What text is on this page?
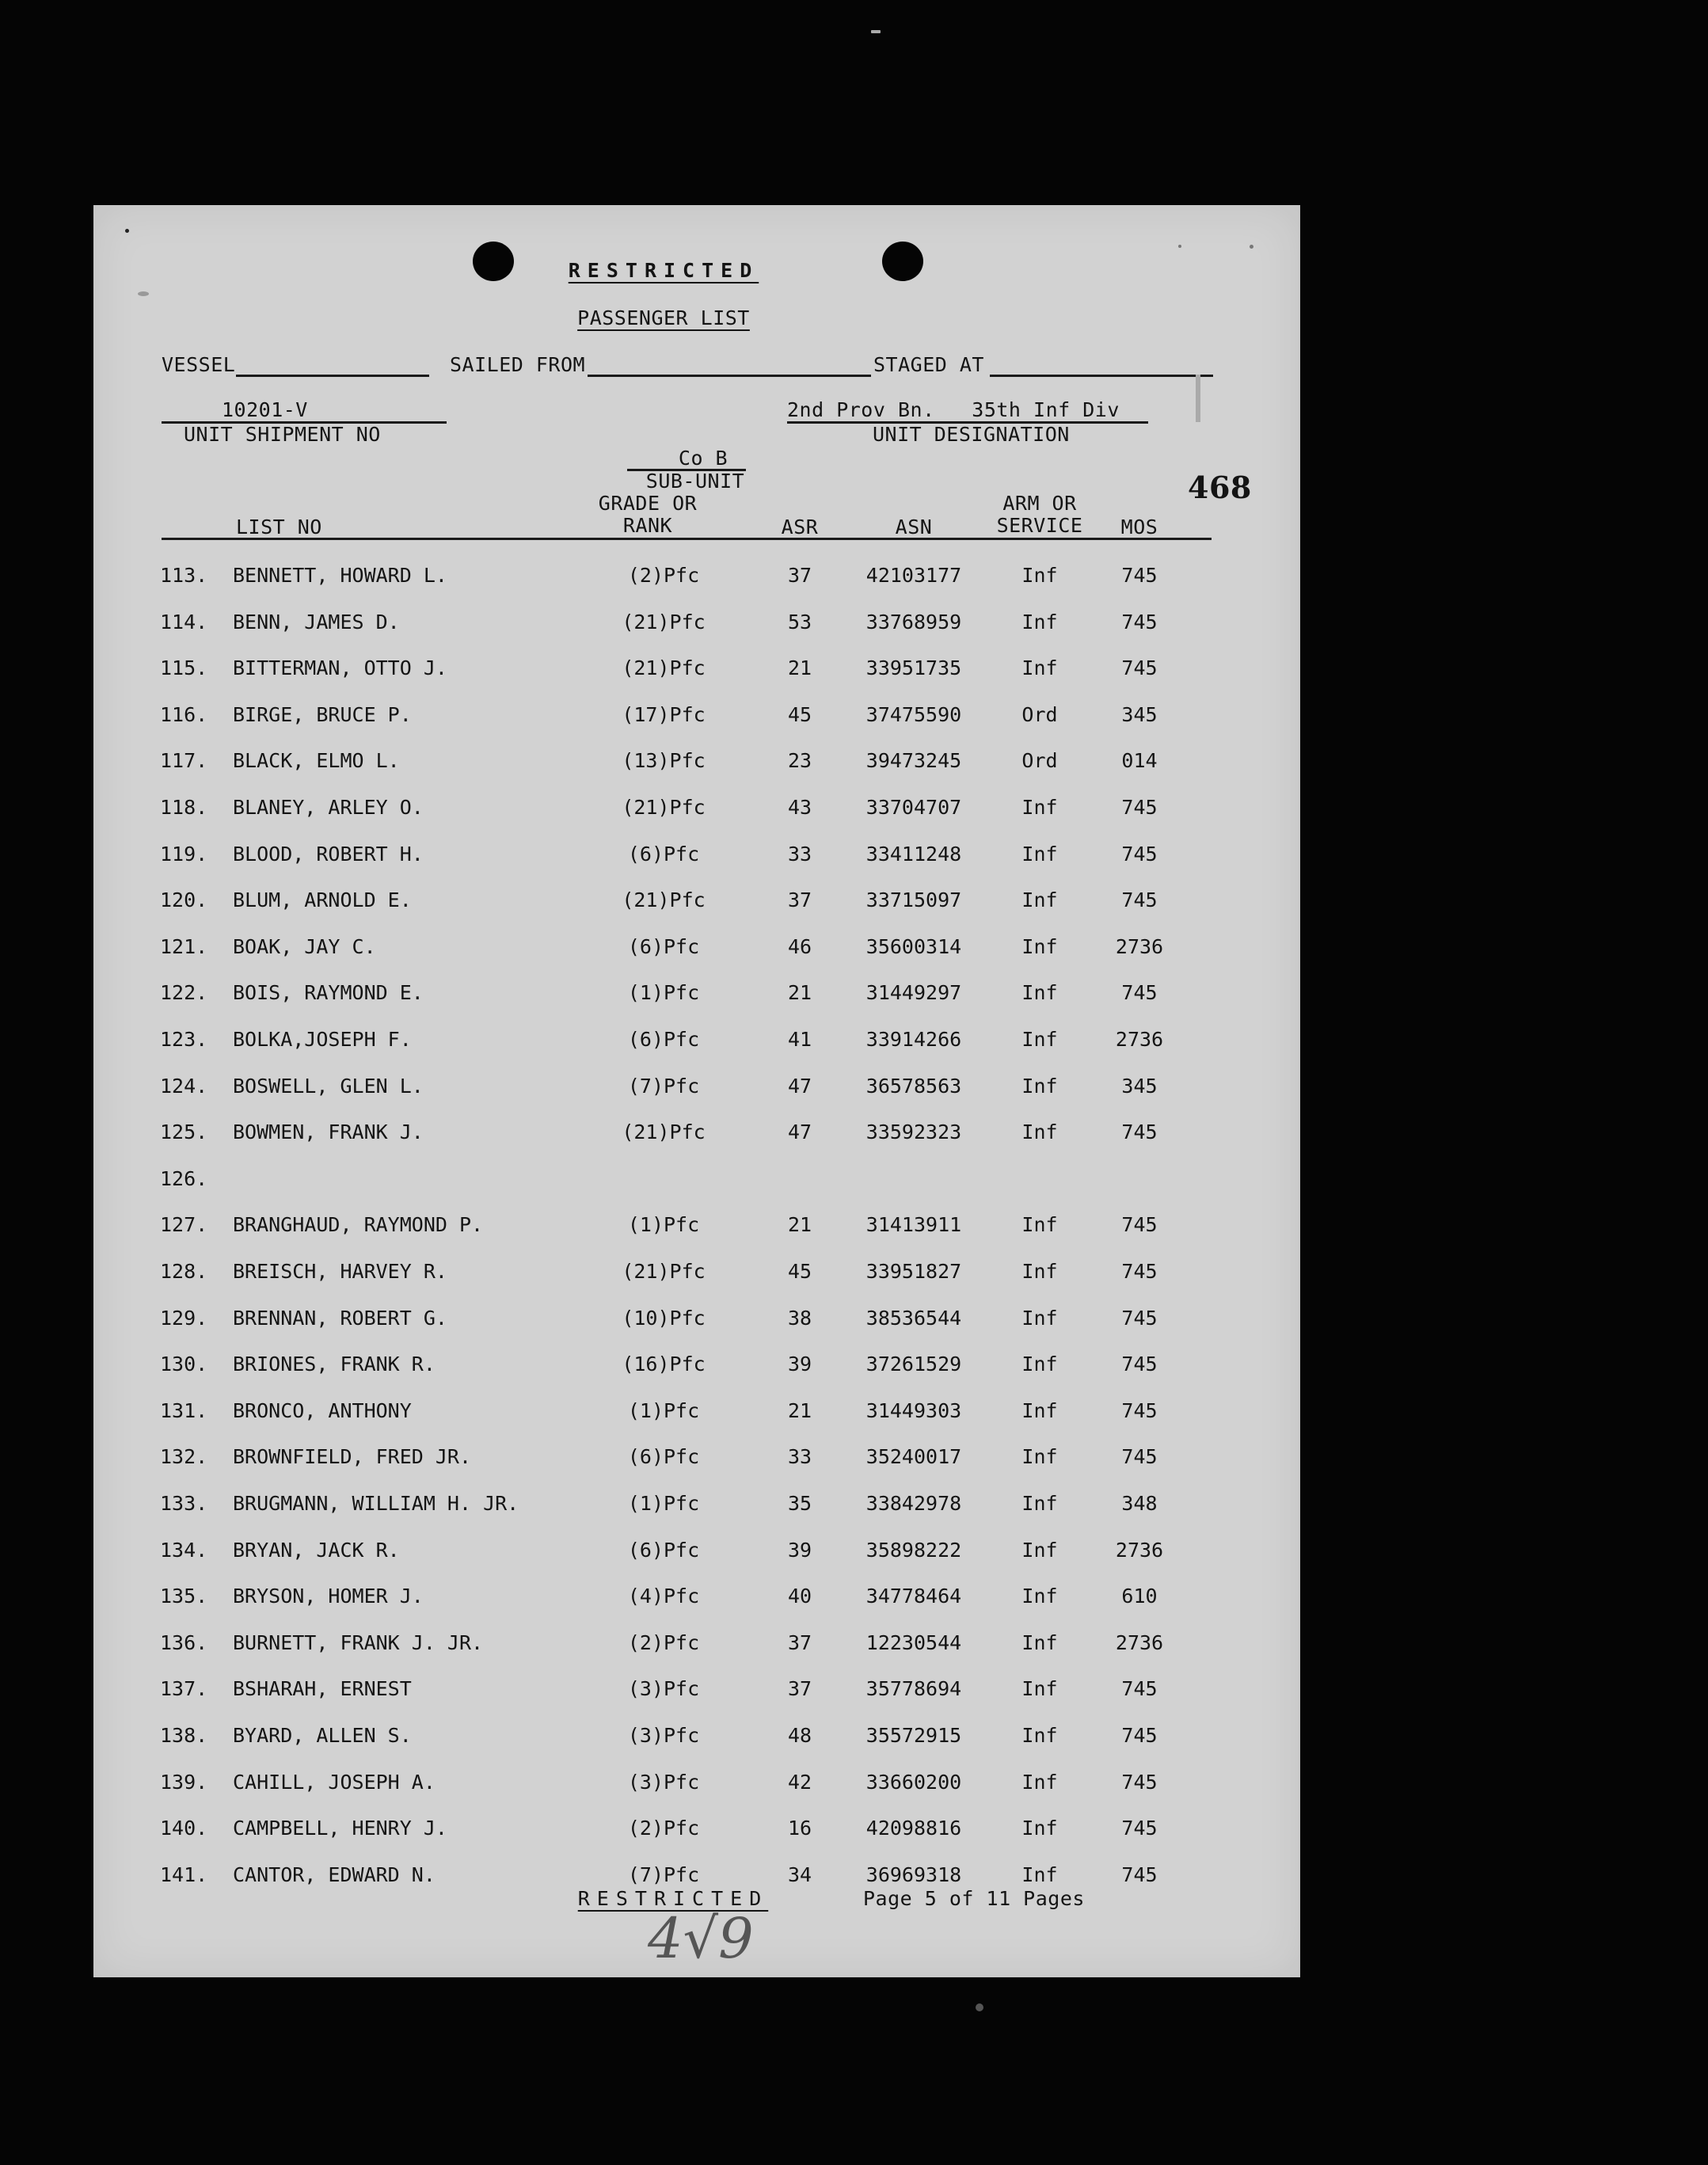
RESTRICTED
PASSENGER LIST
VESSEL	SAILED FROM	STAGED AT
10201-V
UNIT SHIPMENT NO
2nd Prov Bn.   35th Inf Div
UNIT DESIGNATION
Co B
SUB-UNIT	468
LIST NO
GRADE OR
RANK	ASR	ASN
ARM OR
SERVICE	MOS
113.	BENNETT, HOWARD L.	(2)Pfc	37	42103177	Inf	745
114.	BENN, JAMES D.	(21)Pfc	53	33768959	Inf	745
115.	BITTERMAN, OTTO J.	(21)Pfc	21	33951735	Inf	745
116.	BIRGE, BRUCE P.	(17)Pfc	45	37475590	Ord	345
117.	BLACK, ELMO L.	(13)Pfc	23	39473245	Ord	014
118.	BLANEY, ARLEY O.	(21)Pfc	43	33704707	Inf	745
119.	BLOOD, ROBERT H.	(6)Pfc	33	33411248	Inf	745
120.	BLUM, ARNOLD E.	(21)Pfc	37	33715097	Inf	745
121.	BOAK, JAY C.	(6)Pfc	46	35600314	Inf	2736
122.	BOIS, RAYMOND E.	(1)Pfc	21	31449297	Inf	745
123.	BOLKA,JOSEPH F.	(6)Pfc	41	33914266	Inf	2736
124.	BOSWELL, GLEN L.	(7)Pfc	47	36578563	Inf	345
125.	BOWMEN, FRANK J.	(21)Pfc	47	33592323	Inf	745
126.
127.	BRANGHAUD, RAYMOND P.	(1)Pfc	21	31413911	Inf	745
128.	BREISCH, HARVEY R.	(21)Pfc	45	33951827	Inf	745
129.	BRENNAN, ROBERT G.	(10)Pfc	38	38536544	Inf	745
130.	BRIONES, FRANK R.	(16)Pfc	39	37261529	Inf	745
131.	BRONCO, ANTHONY	(1)Pfc	21	31449303	Inf	745
132.	BROWNFIELD, FRED JR.	(6)Pfc	33	35240017	Inf	745
133.	BRUGMANN, WILLIAM H. JR.	(1)Pfc	35	33842978	Inf	348
134.	BRYAN, JACK R.	(6)Pfc	39	35898222	Inf	2736
135.	BRYSON, HOMER J.	(4)Pfc	40	34778464	Inf	610
136.	BURNETT, FRANK J. JR.	(2)Pfc	37	12230544	Inf	2736
137.	BSHARAH, ERNEST	(3)Pfc	37	35778694	Inf	745
138.	BYARD, ALLEN S.	(3)Pfc	48	35572915	Inf	745
139.	CAHILL, JOSEPH A.	(3)Pfc	42	33660200	Inf	745
140.	CAMPBELL, HENRY J.	(2)Pfc	16	42098816	Inf	745
141.	CANTOR, EDWARD N.	(7)Pfc	34	36969318	Inf	745
RESTRICTED	Page 5 of 11 Pages
4√9
